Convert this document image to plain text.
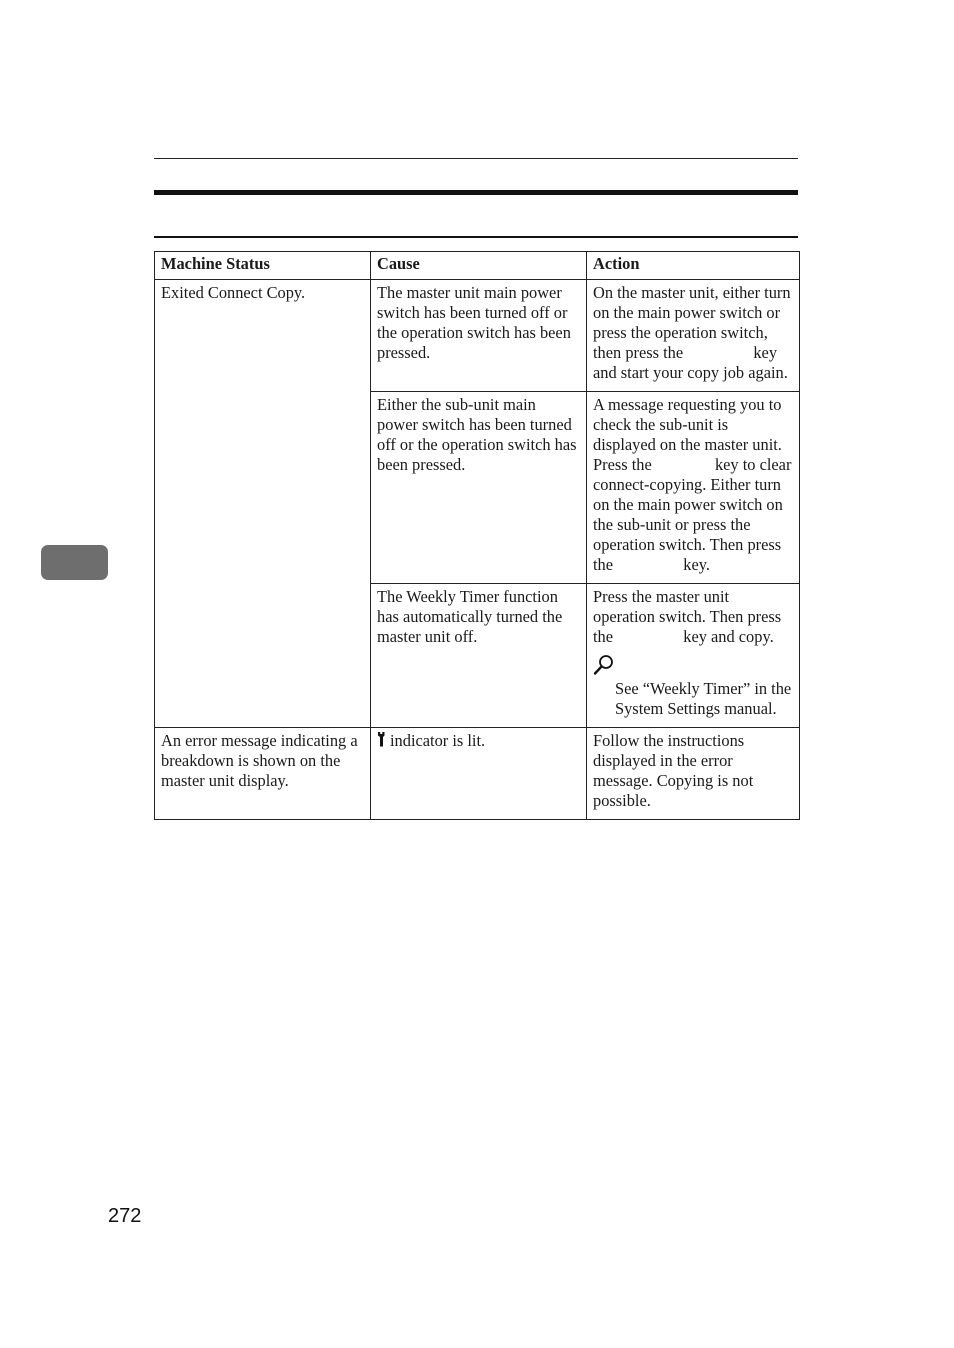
Machine Status	Cause	Action
Exited Connect Copy.	The master unit main power switch has been turned off or the operation switch has been pressed.	On the master unit, either turn on the main power switch or press the operation switch, then press the key and start your copy job again.
	Either the sub-unit main power switch has been turned off or the operation switch has been pressed.	A message requesting you to check the sub-unit is displayed on the master unit. Press the key to clear connect-copying. Either turn on the main power switch on the sub-unit or press the operation switch. Then press the key.
	The Weekly Timer function has automatically turned the master unit off.	Press the master unit operation switch. Then press the key and copy.
See “Weekly Timer” in the System Settings manual.

An error message indicating a breakdown is shown on the master unit display.	indicator is lit.	Follow the instructions displayed in the error message. Copying is not possible.
272
